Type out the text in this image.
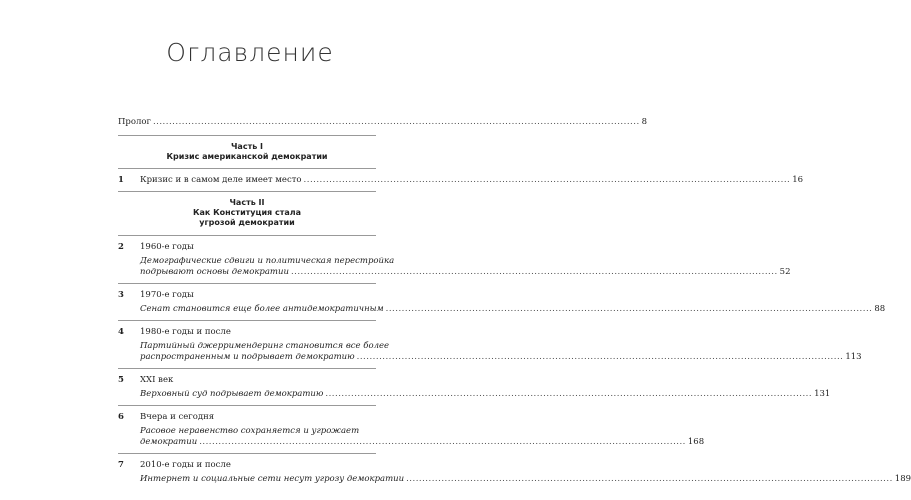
Оглавление
Пролог .....	8
Часть I
Кризис американской демократии
1	Кризис и в самом деле имеет место .....	16
Часть II
Как Конституция стала
угрозой демократии
2	1960-е годы
Демографические сдвиги и политическая перестройка
подрывают основы демократии .....	52
3	1970-е годы
Сенат становится еще более антидемократичным .....	88
4	1980-е годы и после
Партийный джерримендеринг становится все более
распространенным и подрывает демократию .....	113
5	XXI век
Верховный суд подрывает демократию .....	131
6	Вчера и сегодня
Расовое неравенство сохраняется и угрожает
демократии .....	168
7	2010-е годы и после
Интернет и социальные сети несут угрозу демократии .....	189
